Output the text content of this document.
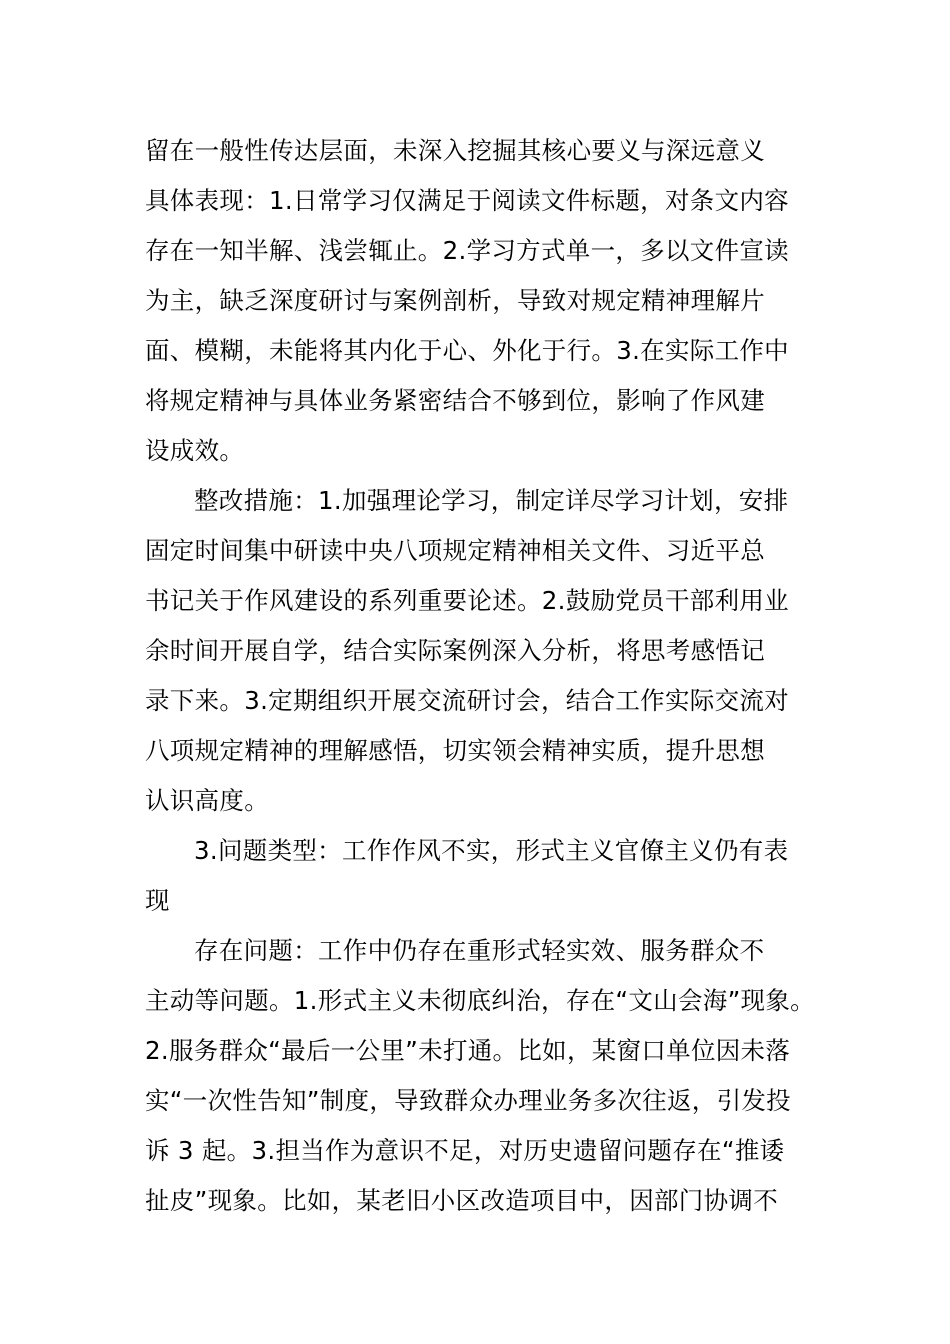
留在一般性传达层面，未深入挖掘其核心要义与深远意义
具体表现：1.日常学习仅满足于阅读文件标题，对条文内容
存在一知半解、浅尝辄止。2.学习方式单一，多以文件宣读
为主，缺乏深度研讨与案例剖析，导致对规定精神理解片
面、模糊，未能将其内化于心、外化于行。3.在实际工作中
将规定精神与具体业务紧密结合不够到位，影响了作风建
设成效。
整改措施：1.加强理论学习，制定详尽学习计划，安排
固定时间集中研读中央八项规定精神相关文件、习近平总
书记关于作风建设的系列重要论述。2.鼓励党员干部利用业
余时间开展自学，结合实际案例深入分析，将思考感悟记
录下来。3.定期组织开展交流研讨会，结合工作实际交流对
八项规定精神的理解感悟，切实领会精神实质，提升思想
认识高度。
3.问题类型：工作作风不实，形式主义官僚主义仍有表
现
存在问题：工作中仍存在重形式轻实效、服务群众不
主动等问题。1.形式主义未彻底纠治，存在“文山会海”现象。
2.服务群众“最后一公里”未打通。比如，某窗口单位因未落
实“一次性告知”制度，导致群众办理业务多次往返，引发投
诉 3 起。3.担当作为意识不足，对历史遗留问题存在“推诿
扯皮”现象。比如，某老旧小区改造项目中，因部门协调不
